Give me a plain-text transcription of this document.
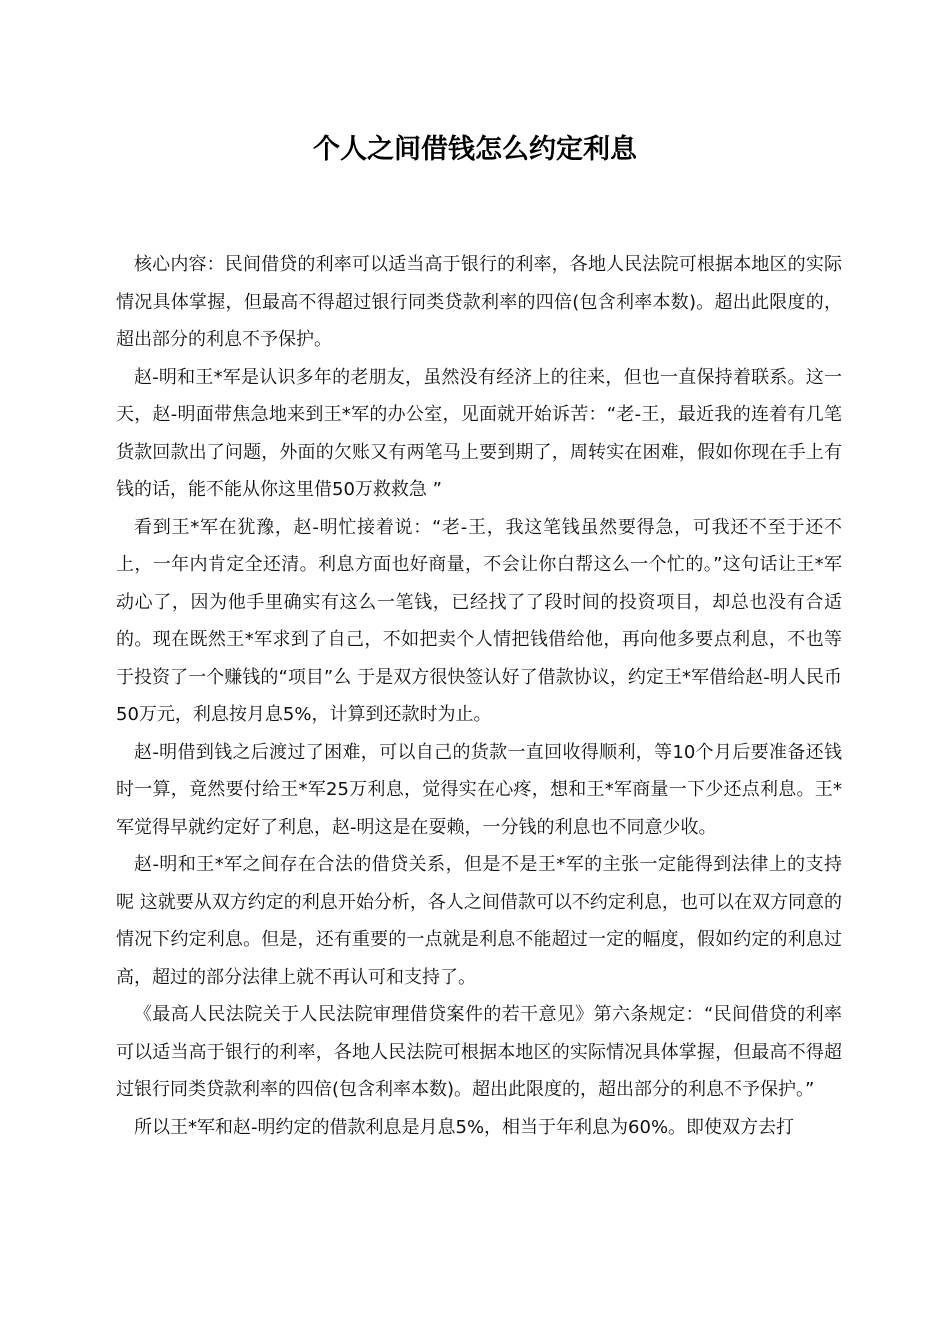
个人之间借钱怎么约定利息

核心内容：民间借贷的利率可以适当高于银行的利率，各地人民法院可根据本地区的实际情况具体掌握，但最高不得超过银行同类贷款利率的四倍(包含利率本数)。超出此限度的，超出部分的利息不予保护。

赵-明和王*军是认识多年的老朋友，虽然没有经济上的往来，但也一直保持着联系。这一天，赵-明面带焦急地来到王*军的办公室，见面就开始诉苦：“老-王，最近我的连着有几笔货款回款出了问题，外面的欠账又有两笔马上要到期了，周转实在困难，假如你现在手上有钱的话，能不能从你这里借50万救救急 ”

看到王*军在犹豫，赵-明忙接着说：“老-王，我这笔钱虽然要得急，可我还不至于还不上，一年内肯定全还清。利息方面也好商量，不会让你白帮这么一个忙的。”这句话让王*军动心了，因为他手里确实有这么一笔钱，已经找了了段时间的投资项目，却总也没有合适的。现在既然王*军求到了自己，不如把卖个人情把钱借给他，再向他多要点利息，不也等于投资了一个赚钱的“项目”么 于是双方很快签认好了借款协议，约定王*军借给赵-明人民币50万元，利息按月息5%，计算到还款时为止。

赵-明借到钱之后渡过了困难，可以自己的货款一直回收得顺利，等10个月后要准备还钱时一算，竟然要付给王*军25万利息，觉得实在心疼，想和王*军商量一下少还点利息。王*军觉得早就约定好了利息，赵-明这是在耍赖，一分钱的利息也不同意少收。

赵-明和王*军之间存在合法的借贷关系，但是不是王*军的主张一定能得到法律上的支持呢 这就要从双方约定的利息开始分析，各人之间借款可以不约定利息，也可以在双方同意的情况下约定利息。但是，还有重要的一点就是利息不能超过一定的幅度，假如约定的利息过高，超过的部分法律上就不再认可和支持了。

《最高人民法院关于人民法院审理借贷案件的若干意见》第六条规定：“民间借贷的利率可以适当高于银行的利率，各地人民法院可根据本地区的实际情况具体掌握，但最高不得超过银行同类贷款利率的四倍(包含利率本数)。超出此限度的，超出部分的利息不予保护。”

所以王*军和赵-明约定的借款利息是月息5%，相当于年利息为60%。即使双方去打
